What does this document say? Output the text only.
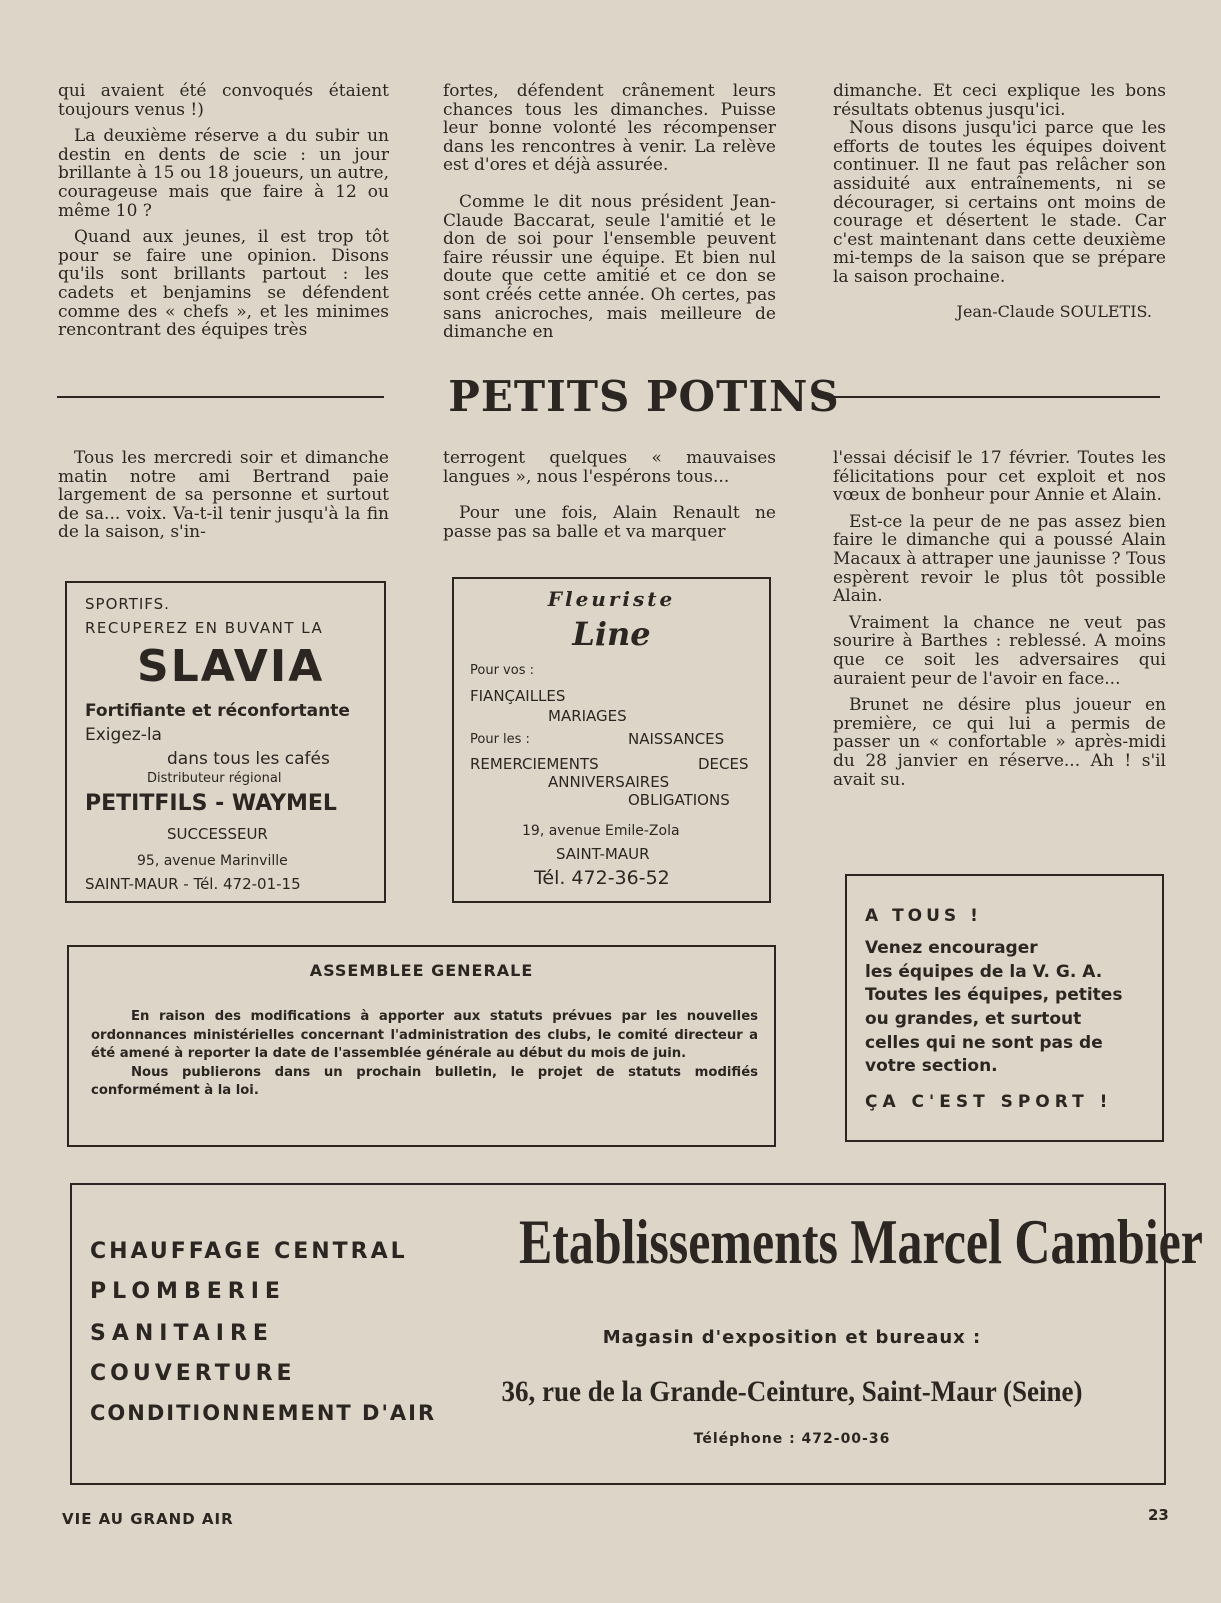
qui avaient été convoqués étaient toujours venus !)

La deuxième réserve a du subir un destin en dents de scie : un jour brillante à 15 ou 18 joueurs, un autre, courageuse mais que faire à 12 ou même 10 ?

Quand aux jeunes, il est trop tôt pour se faire une opinion. Disons qu'ils sont brillants partout : les cadets et benjamins se défendent comme des « chefs », et les minimes rencontrant des équipes très

fortes, défendent crânement leurs chances tous les dimanches. Puisse leur bonne volonté les récompenser dans les rencontres à venir. La relève est d'ores et déjà assurée.

Comme le dit nous président Jean-Claude Baccarat, seule l'amitié et le don de soi pour l'ensemble peuvent faire réussir une équipe. Et bien nul doute que cette amitié et ce don se sont créés cette année. Oh certes, pas sans anicroches, mais meilleure de dimanche en

dimanche. Et ceci explique les bons résultats obtenus jusqu'ici.

Nous disons jusqu'ici parce que les efforts de toutes les équipes doivent continuer. Il ne faut pas relâcher son assiduité aux entraînements, ni se décourager, si certains ont moins de courage et désertent le stade. Car c'est maintenant dans cette deuxième mi-temps de la saison que se prépare la saison prochaine.

Jean-Claude SOULETIS.
PETITS POTINS

Tous les mercredi soir et dimanche matin notre ami Bertrand paie largement de sa personne et surtout de sa... voix. Va-t-il tenir jusqu'à la fin de la saison, s'in-

terrogent quelques « mauvaises langues », nous l'espérons tous...

Pour une fois, Alain Renault ne passe pas sa balle et va marquer

l'essai décisif le 17 février. Toutes les félicitations pour cet exploit et nos vœux de bonheur pour Annie et Alain.

Est-ce la peur de ne pas assez bien faire le dimanche qui a poussé Alain Macaux à attraper une jaunisse ? Tous espèrent revoir le plus tôt possible Alain.

Vraiment la chance ne veut pas sourire à Barthes : reblessé. A moins que ce soit les adversaires qui auraient peur de l'avoir en face...

Brunet ne désire plus joueur en première, ce qui lui a permis de passer un « confortable » après-midi du 28 janvier en réserve... Ah ! s'il avait su.

SPORTIFS.
RECUPEREZ EN BUVANT LA
SLAVIA
Fortifiante et réconfortante
Exigez-la
dans tous les cafés
Distributeur régional
PETITFILS - WAYMEL
SUCCESSEUR
95, avenue Marinville
SAINT-MAUR - Tél. 472-01-15
Fleuriste
Line
Pour vos :
FIANÇAILLES
MARIAGES
Pour les :	NAISSANCES
REMERCIEMENTS	DECES
ANNIVERSAIRES
OBLIGATIONS
19, avenue Emile-Zola
SAINT-MAUR
Tél. 472-36-52
ASSEMBLEE GENERALE

En raison des modifications à apporter aux statuts prévues par les nouvelles ordonnances ministérielles concernant l'administration des clubs, le comité directeur a été amené à reporter la date de l'assemblée générale au début du mois de juin.

Nous publierons dans un prochain bulletin, le projet de statuts modifiés conformément à la loi.

A TOUS !
Venez encourager
les équipes de la V. G. A.
Toutes les équipes, petites
ou grandes, et surtout
celles qui ne sont pas de
votre section.
ÇA C'EST SPORT !
CHAUFFAGE CENTRAL
PLOMBERIE
SANITAIRE
COUVERTURE
CONDITIONNEMENT D'AIR
Etablissements Marcel Cambier
Magasin d'exposition et bureaux :
36, rue de la Grande-Ceinture, Saint-Maur (Seine)
Téléphone : 472-00-36
VIE AU GRAND AIR	23
